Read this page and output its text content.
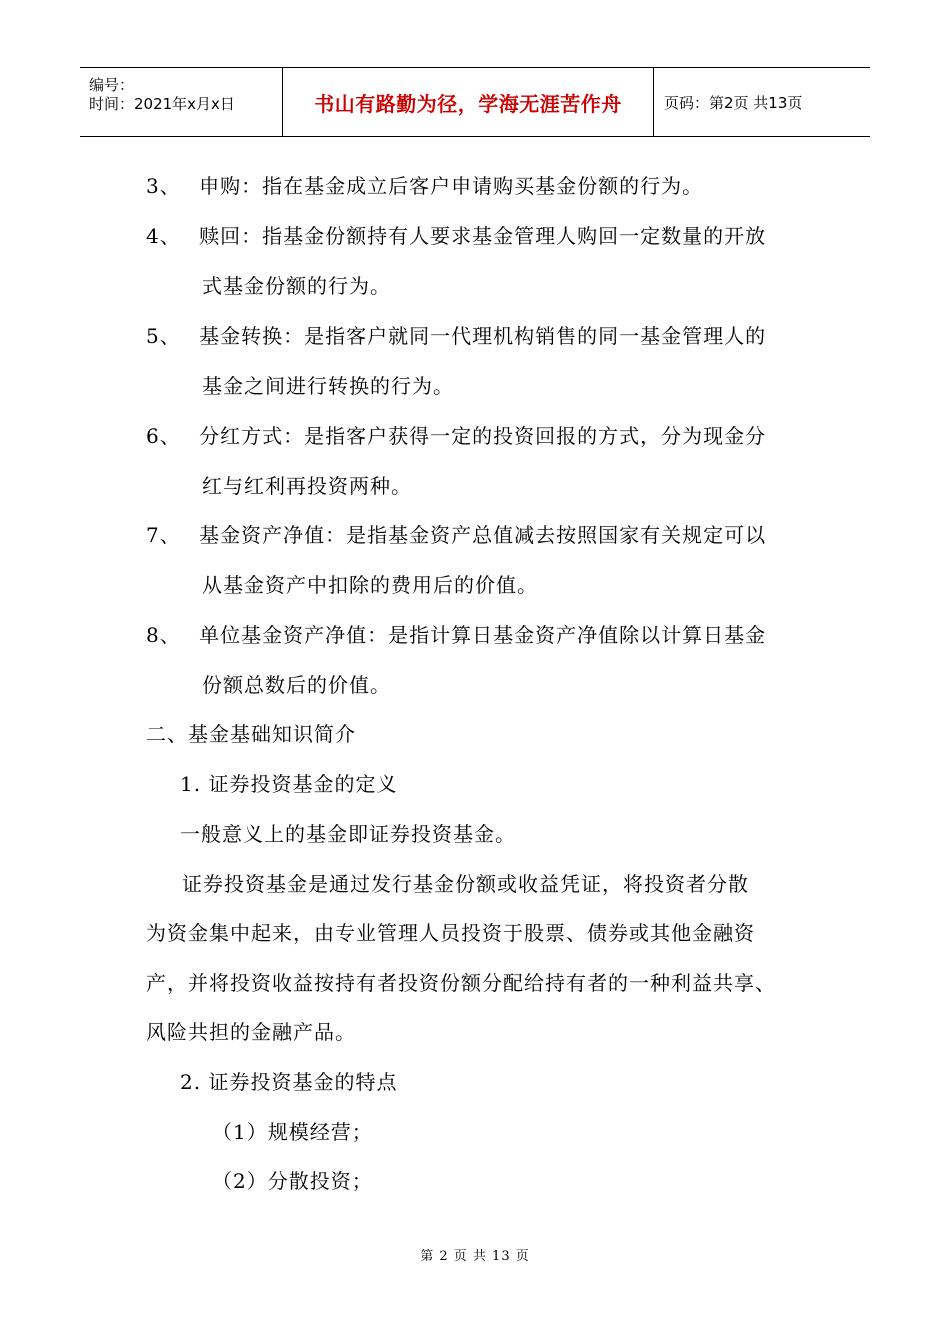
编号：
时间：2021年x月x日	书山有路勤为径，学海无涯苦作舟	页码：第2页 共13页
3、　 申购：指在基金成立后客户申请购买基金份额的行为。
4、　 赎回：指基金份额持有人要求基金管理人购回一定数量的开放
式基金份额的行为。
5、　 基金转换：是指客户就同一代理机构销售的同一基金管理人的
基金之间进行转换的行为。
6、　 分红方式：是指客户获得一定的投资回报的方式，分为现金分
红与红利再投资两种。
7、　 基金资产净值：是指基金资产总值减去按照国家有关规定可以
从基金资产中扣除的费用后的价值。
8、　 单位基金资产净值：是指计算日基金资产净值除以计算日基金
份额总数后的价值。
二、基金基础知识简介
1. 证券投资基金的定义
一般意义上的基金即证券投资基金。
证券投资基金是通过发行基金份额或收益凭证，将投资者分散
为资金集中起来，由专业管理人员投资于股票、债券或其他金融资
产，并将投资收益按持有者投资份额分配给持有者的一种利益共享、
风险共担的金融产品。
2. 证券投资基金的特点
（1）规模经营；
（2）分散投资；
第 2 页 共 13 页
